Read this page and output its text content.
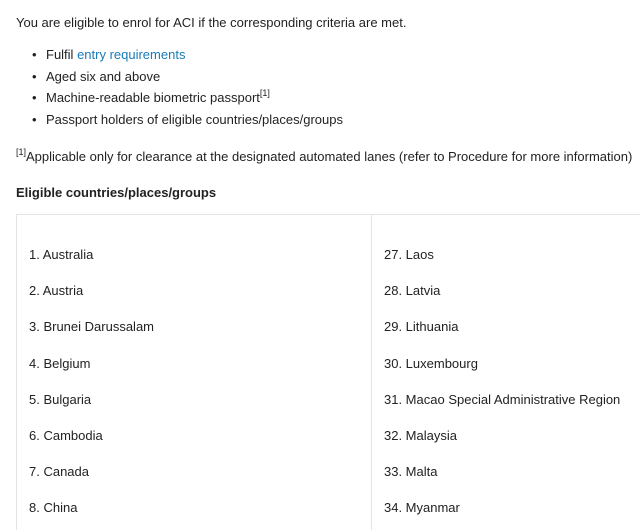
You are eligible to enrol for ACI if the corresponding criteria are met.

• Fulfil entry requirements
• Aged six and above
• Machine-readable biometric passport[1]
• Passport holders of eligible countries/places/groups

[1]Applicable only for clearance at the designated automated lanes (refer to Procedure for more information)

Eligible countries/places/groups

1. Australia
2. Austria
3. Brunei Darussalam
4. Belgium
5. Bulgaria
6. Cambodia
7. Canada
8. China
27. Laos
28. Latvia
29. Lithuania
30. Luxembourg
31. Macao Special Administrative Region
32. Malaysia
33. Malta
34. Myanmar
